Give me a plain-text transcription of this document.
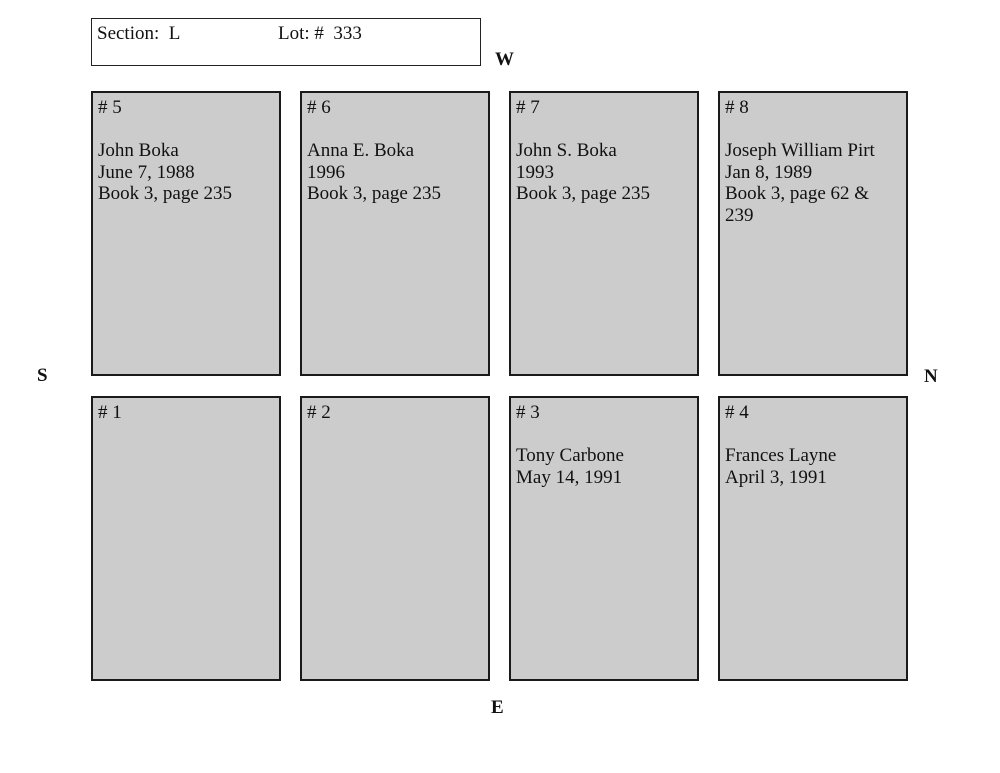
Section:  L	Lot: #  333
W
S	N
E
# 5
John Boka
June 7, 1988
Book 3, page 235
# 6
Anna E. Boka
1996
Book 3, page 235
# 7
John S. Boka
1993
Book 3, page 235
# 8
Joseph William Pirt
Jan 8, 1989
Book 3, page 62 & 239
# 1	# 2	# 3
Tony Carbone
May 14, 1991
# 4
Frances Layne
April 3, 1991
